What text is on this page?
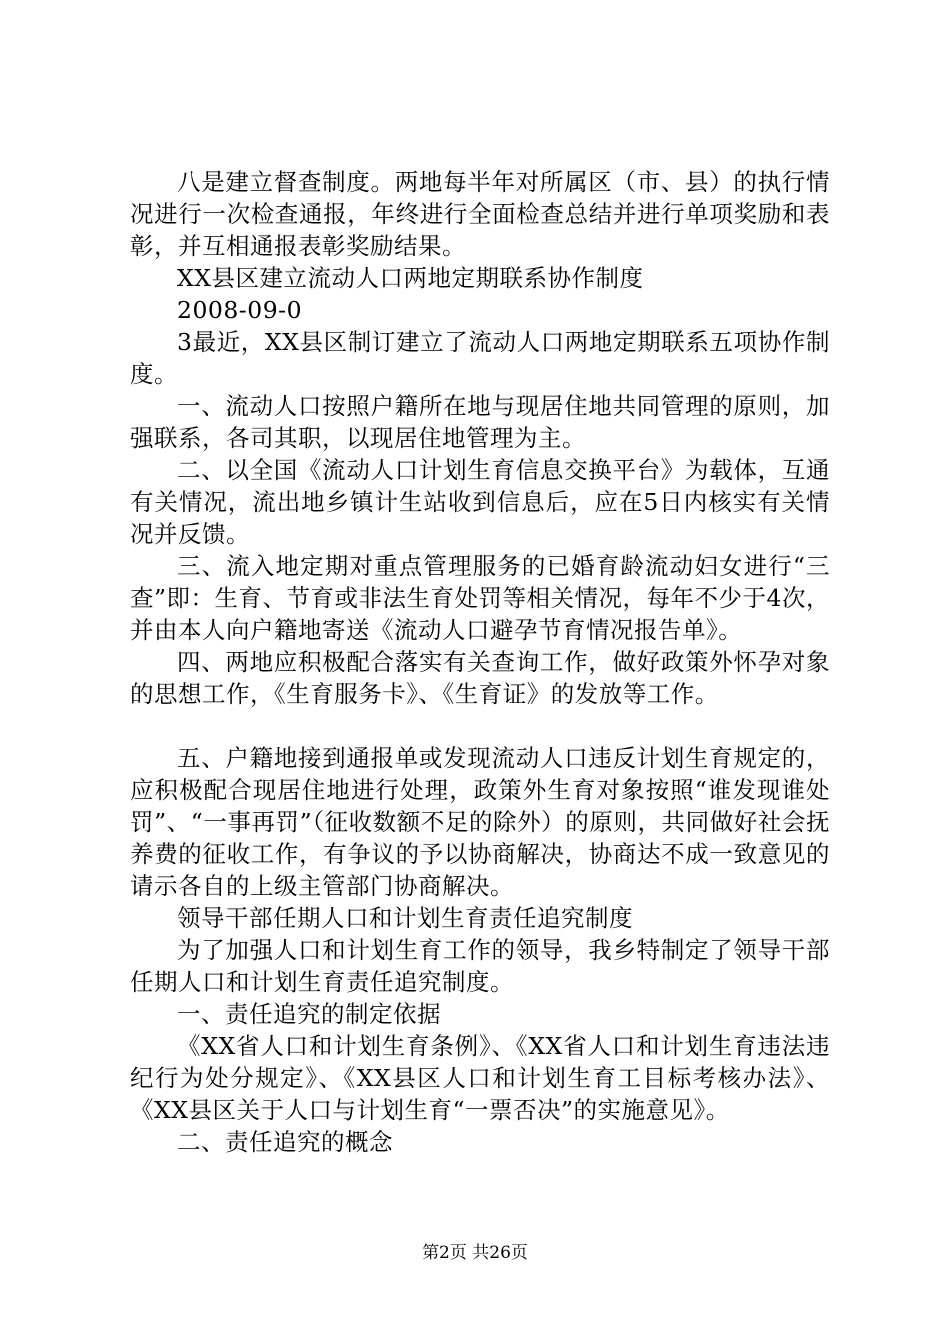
八是建立督查制度。两地每半年对所属区（市、县）的执行情况进行一次检查通报，年终进行全面检查总结并进行单项奖励和表彰，并互相通报表彰奖励结果。

XX县区建立流动人口两地定期联系协作制度

2008-09-0

3最近，XX县区制订建立了流动人口两地定期联系五项协作制度。

一、流动人口按照户籍所在地与现居住地共同管理的原则，加强联系，各司其职，以现居住地管理为主。

二、以全国《流动人口计划生育信息交换平台》为载体，互通有关情况，流出地乡镇计生站收到信息后，应在5日内核实有关情况并反馈。

三、流入地定期对重点管理服务的已婚育龄流动妇女进行“三查”即：生育、节育或非法生育处罚等相关情况，每年不少于4次，并由本人向户籍地寄送《流动人口避孕节育情况报告单》。

四、两地应积极配合落实有关查询工作，做好政策外怀孕对象的思想工作，《生育服务卡》、《生育证》的发放等工作。

五、户籍地接到通报单或发现流动人口违反计划生育规定的，应积极配合现居住地进行处理，政策外生育对象按照“谁发现谁处罚”、“一事再罚”（征收数额不足的除外）的原则，共同做好社会抚养费的征收工作，有争议的予以协商解决，协商达不成一致意见的请示各自的上级主管部门协商解决。

领导干部任期人口和计划生育责任追究制度

为了加强人口和计划生育工作的领导，我乡特制定了领导干部任期人口和计划生育责任追究制度。

一、责任追究的制定依据

《XX省人口和计划生育条例》、《XX省人口和计划生育违法违纪行为处分规定》、《XX县区人口和计划生育工目标考核办法》、《XX县区关于人口与计划生育“一票否决”的实施意见》。

二、责任追究的概念

第2页 共26页
